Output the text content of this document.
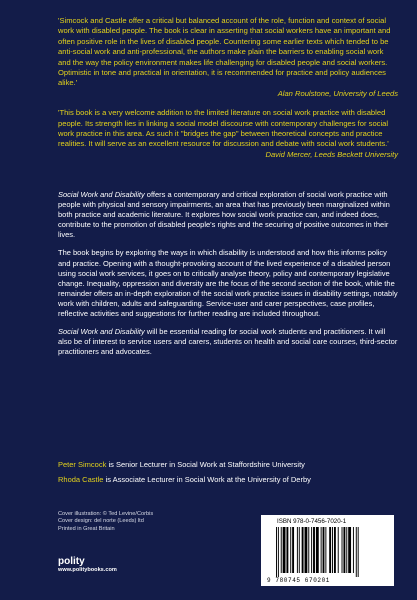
'Simcock and Castle offer a critical but balanced account of the role, function and context of social work with disabled people. The book is clear in asserting that social workers have an important and often positive role in the lives of disabled people. Countering some earlier texts which tended to be anti-social work and anti-professional, the authors make plain the barriers to enabling social work and the way the policy environment makes life challenging for disabled people and social workers. Optimistic in tone and practical in orientation, it is recommended for practice and policy audiences alike.'

Alan Roulstone, University of Leeds

'This book is a very welcome addition to the limited literature on social work practice with disabled people. Its strength lies in linking a social model discourse with contemporary challenges for social work practice in this area. As such it "bridges the gap" between theoretical concepts and practice realities. It will serve as an excellent resource for discussion and debate with social work students.'

David Mercer, Leeds Beckett University

Social Work and Disability offers a contemporary and critical exploration of social work practice with people with physical and sensory impairments, an area that has previously been marginalized within both practice and academic literature. It explores how social work practice can, and indeed does, contribute to the promotion of disabled people's rights and the securing of positive outcomes in their lives.

The book begins by exploring the ways in which disability is understood and how this informs policy and practice. Opening with a thought-provoking account of the lived experience of a disabled person using social work services, it goes on to critically analyse theory, policy and contemporary legislative change. Inequality, oppression and diversity are the focus of the second section of the book, while the remainder offers an in-depth exploration of the social work practice issues in disability settings, notably work with children, adults and safeguarding. Service-user and carer perspectives, case profiles, reflective activities and suggestions for further reading are included throughout.

Social Work and Disability will be essential reading for social work students and practitioners. It will also be of interest to service users and carers, students on health and social care courses, third-sector practitioners and advocates.

Peter Simcock is Senior Lecturer in Social Work at Staffordshire University

Rhoda Castle is Associate Lecturer in Social Work at the University of Derby

Cover illustration: © Ted Levine/Corbis

Cover design: del norte (Leeds) ltd

Printed in Great Britain

polity

www.politybooks.com

ISBN 978-0-7456-7020-1
9 780745 670201
